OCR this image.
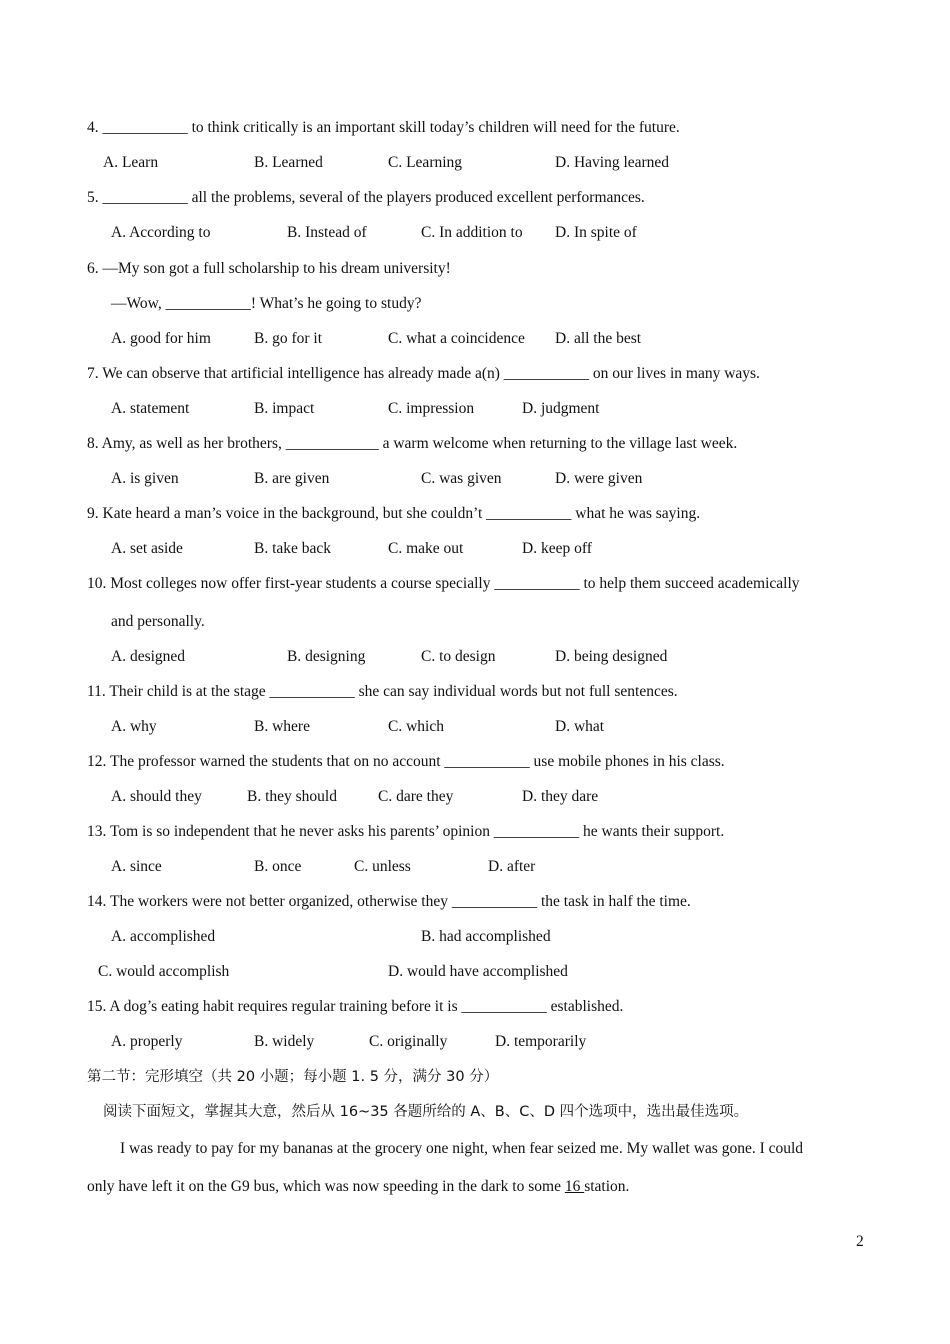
4. ___________ to think critically is an important skill today’s children will need for the future.
A. Learn	B. Learned	C. Learning	D. Having learned
5. ___________ all the problems, several of the players produced excellent performances.
A. According to	B. Instead of	C. In addition to D. In spite of
6. —My son got a full scholarship to his dream university!
—Wow, ___________! What’s he going to study?
A. good for him	B. go for it	C. what a coincidence D. all the best
7. We can observe that artificial intelligence has already made a(n) ___________ on our lives in many ways.
A. statement	B. impact	C. impression	D. judgment
8. Amy, as well as her brothers, ____________ a warm welcome when returning to the village last week.
A. is given	B. are given	C. was given	D. were given
9. Kate heard a man’s voice in the background, but she couldn’t ___________ what he was saying.
A. set aside	B. take back	C. make out	D. keep off
10. Most colleges now offer first-year students a course specially ___________ to help them succeed academically
and personally.
A. designed	B. designing	C. to design	D. being designed
11. Their child is at the stage ___________ she can say individual words but not full sentences.
A. why	B. where	C. which	D. what
12. The professor warned the students that on no account ___________ use mobile phones in his class.
A. should they	B. they should	C. dare they	D. they dare
13. Tom is so independent that he never asks his parents’ opinion ___________ he wants their support.
A. since	B. once	C. unless	D. after
14. The workers were not better organized, otherwise they ___________ the task in half the time.
A. accomplished	B. had accomplished
C. would accomplish	D. would have accomplished
15. A dog’s eating habit requires regular training before it is ___________ established.
A. properly	B. widely	C. originally	D. temporarily
第二节：完形填空（共 20 小题；每小题 1. 5 分，满分 30 分）
阅读下面短文，掌握其大意，然后从 16~35 各题所给的 A、B、C、D 四个选项中，选出最佳选项。
I was ready to pay for my bananas at the grocery one night, when fear seized me. My wallet was gone. I could
only have left it on the G9 bus, which was now speeding in the dark to some 16 station.
2
